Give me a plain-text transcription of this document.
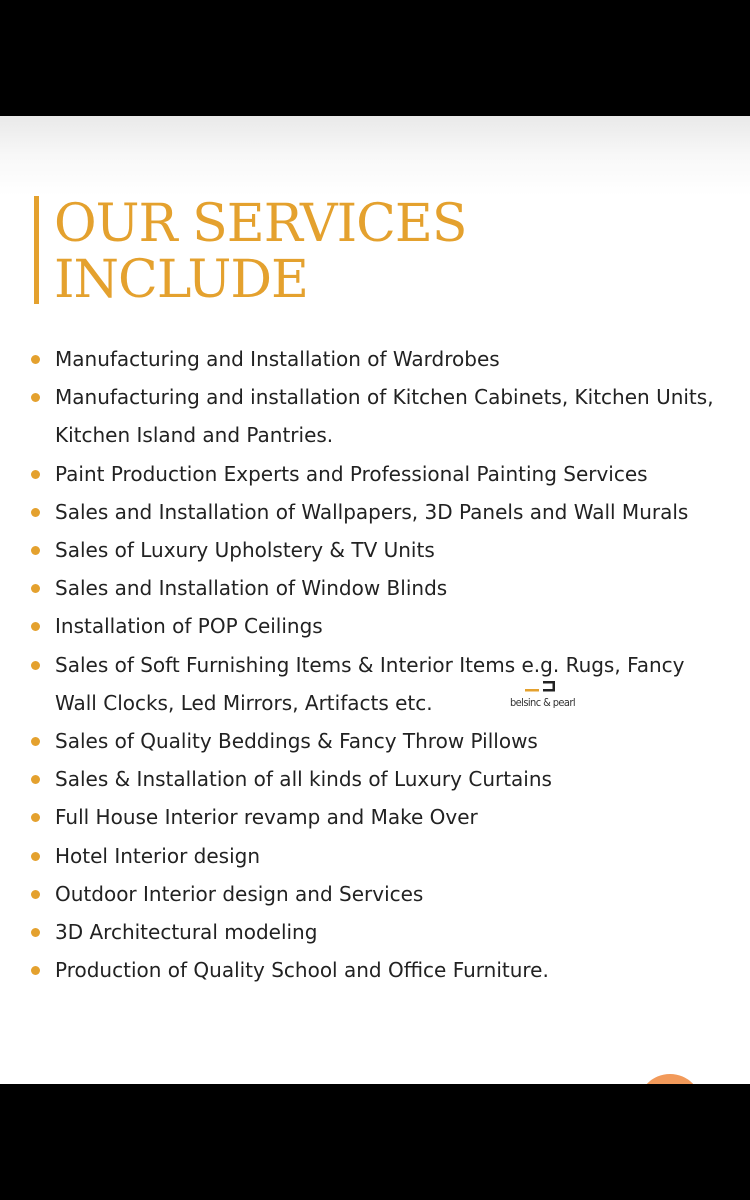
OUR SERVICES
INCLUDE
Manufacturing and Installation of Wardrobes
Manufacturing and installation of Kitchen Cabinets, Kitchen Units, Kitchen Island and Pantries.
Paint Production Experts and Professional Painting Services
Sales and Installation of Wallpapers, 3D Panels and Wall Murals
Sales of Luxury Upholstery & TV Units
Sales and Installation of Window Blinds
Installation of POP Ceilings
Sales of Soft Furnishing Items & Interior Items e.g. Rugs, Fancy Wall Clocks, Led Mirrors, Artifacts etc.
Sales of Quality Beddings & Fancy Throw Pillows
Sales & Installation of all kinds of Luxury Curtains
Full House Interior revamp and Make Over
Hotel Interior design
Outdoor Interior design and Services
3D Architectural modeling
Production of Quality School and Office Furniture.
belsinc & pearl
